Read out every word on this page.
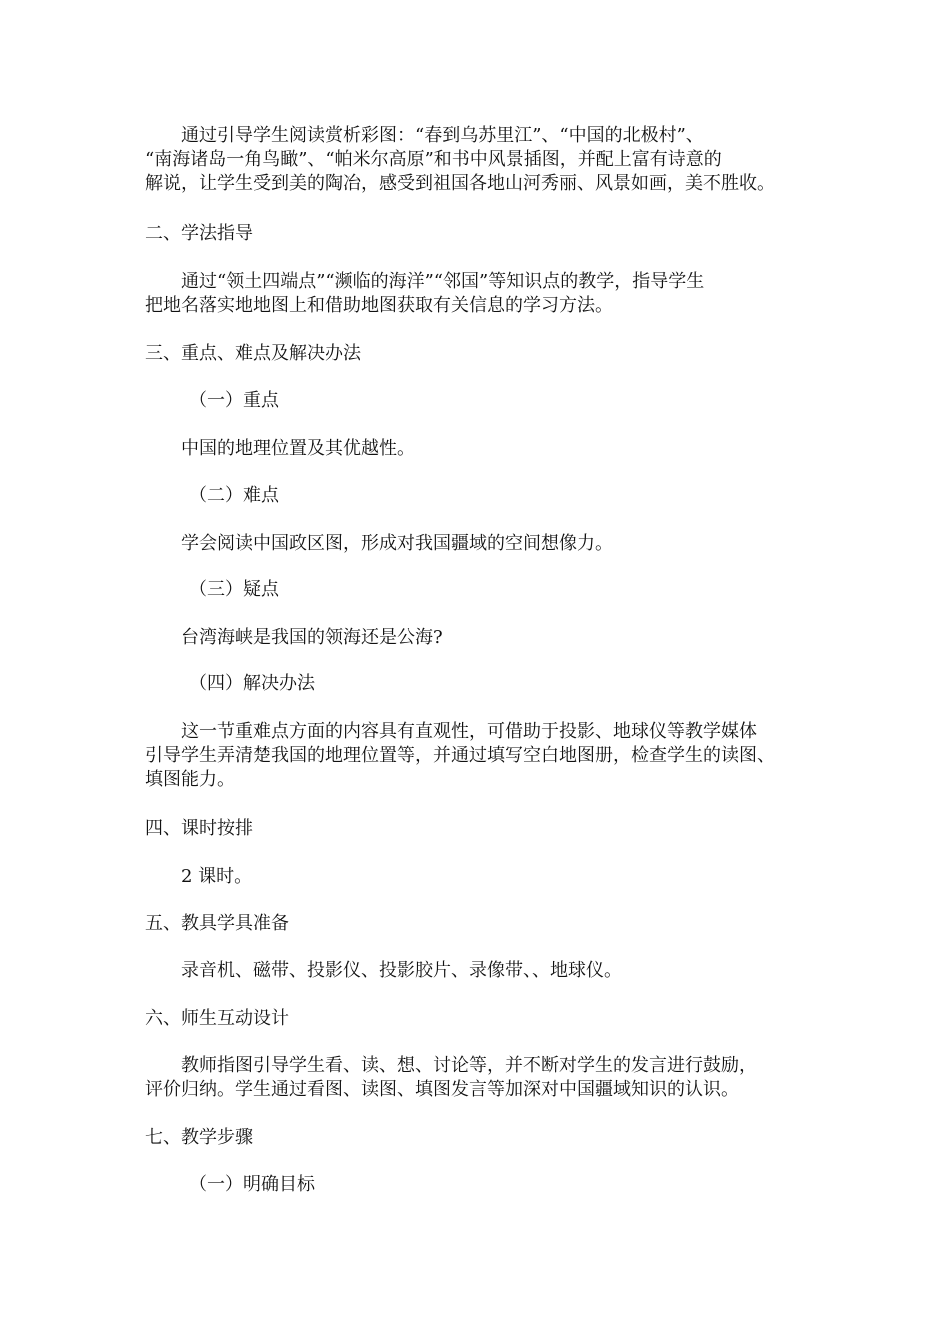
通过引导学生阅读赏析彩图：“春到乌苏里江”、“中国的北极村”、
“南海诸岛一角鸟瞰”、“帕米尔高原”和书中风景插图，并配上富有诗意的
解说，让学生受到美的陶冶，感受到祖国各地山河秀丽、风景如画，美不胜收。
二、学法指导
通过“领土四端点”“濒临的海洋”“邻国”等知识点的教学，指导学生
把地名落实地地图上和借助地图获取有关信息的学习方法。
三、重点、难点及解决办法
（一）重点
中国的地理位置及其优越性。
（二）难点
学会阅读中国政区图，形成对我国疆域的空间想像力。
（三）疑点
台湾海峡是我国的领海还是公海?
（四）解决办法
这一节重难点方面的内容具有直观性，可借助于投影、地球仪等教学媒体
引导学生弄清楚我国的地理位置等，并通过填写空白地图册，检查学生的读图、
填图能力。
四、课时按排
2 课时。
五、教具学具准备
录音机、磁带、投影仪、投影胶片、录像带、、地球仪。
六、师生互动设计
教师指图引导学生看、读、想、讨论等，并不断对学生的发言进行鼓励，
评价归纳。学生通过看图、读图、填图发言等加深对中国疆域知识的认识。
七、教学步骤
（一）明确目标
